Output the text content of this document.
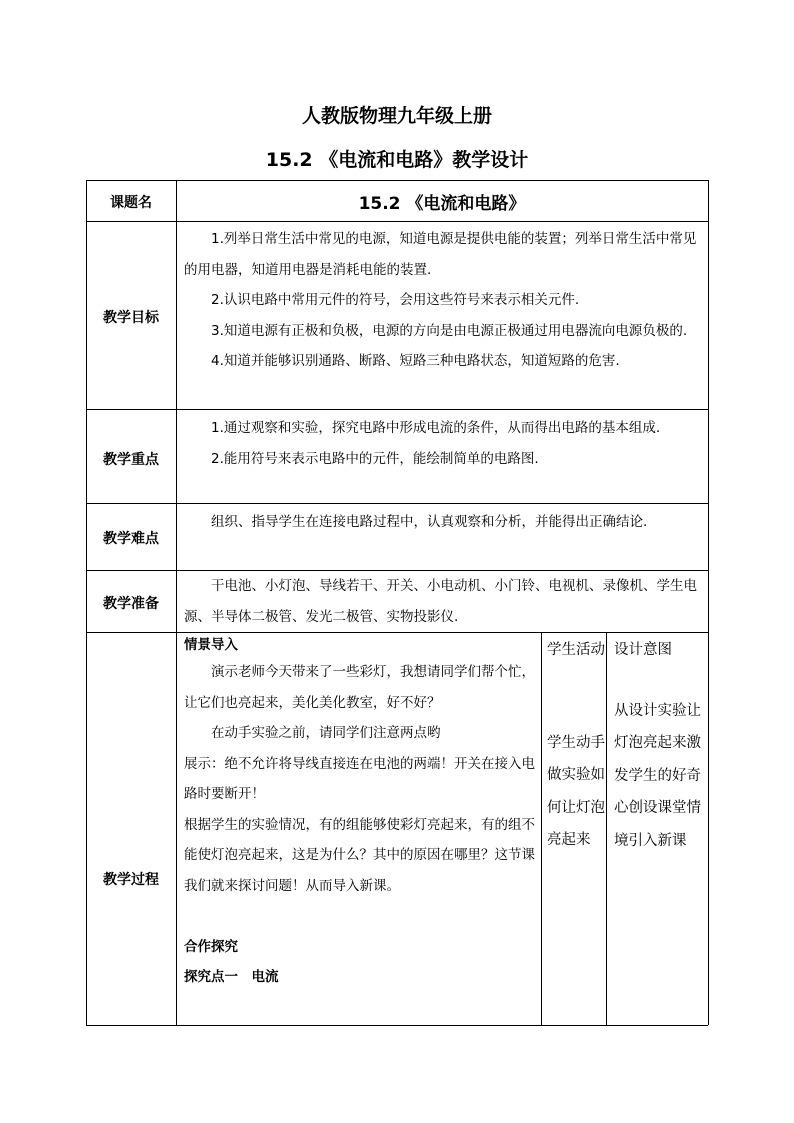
人教版物理九年级上册
15.2 《电流和电路》教学设计
课题名	15.2 《电流和电路》
教学目标

1.列举日常生活中常见的电源，知道电源是提供电能的装置；列举日常生活中常见的用电器，知道用电器是消耗电能的装置.

2.认识电路中常用元件的符号，会用这些符号来表示相关元件.

3.知道电源有正极和负极，电源的方向是由电源正极通过用电器流向电源负极的.

4.知道并能够识别通路、断路、短路三种电路状态，知道短路的危害.

教学重点

1.通过观察和实验，探究电路中形成电流的条件，从而得出电路的基本组成.

2.能用符号来表示电路中的元件，能绘制简单的电路图.

教学难点

组织、指导学生在连接电路过程中，认真观察和分析，并能得出正确结论.

教学准备

干电池、小灯泡、导线若干、开关、小电动机、小门铃、电视机、录像机、学生电源、半导体二极管、发光二极管、实物投影仪.

教学过程

情景导入

演示老师今天带来了一些彩灯，我想请同学们帮个忙，让它们也亮起来，美化美化教室，好不好？

在动手实验之前，请同学们注意两点哟

展示：绝不允许将导线直接连在电池的两端！开关在接入电路时要断开！

根据学生的实验情况，有的组能够使彩灯亮起来，有的组不能使灯泡亮起来，这是为什么？其中的原因在哪里？这节课我们就来探讨问题！从而导入新课。

合作探究

探究点一　电流

学生活动

学生动手做实验如何让灯泡亮起来

设计意图

从设计实验让灯泡亮起来激发学生的好奇心创设课堂情境引入新课
